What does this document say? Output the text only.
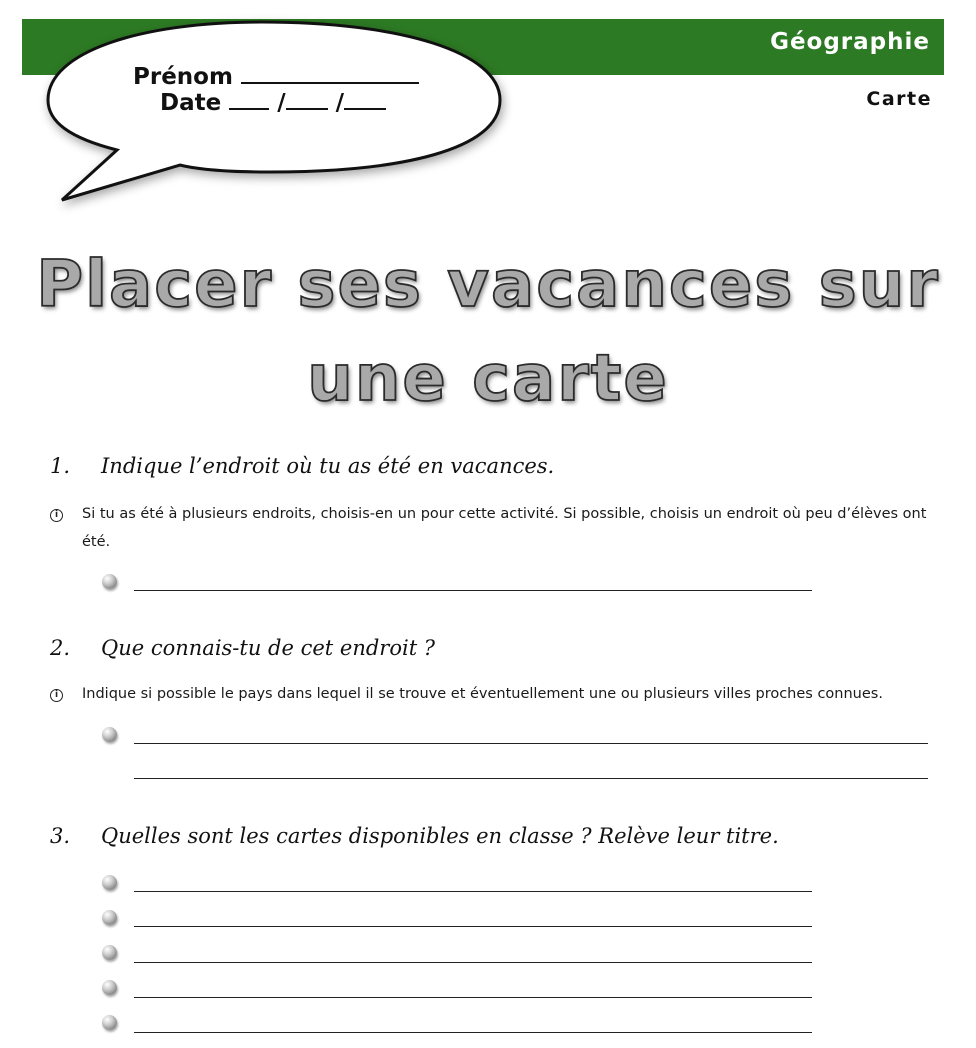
Géographie
Carte
Prénom
Date / /
Placer ses vacances sur
une carte
1. Indique l’endroit où tu as été en vacances.
i	Si tu as été à plusieurs endroits, choisis-en un pour cette activité. Si possible, choisis un endroit où peu d’élèves ont été.
2. Que connais-tu de cet endroit ?
i	Indique si possible le pays dans lequel il se trouve et éventuellement une ou plusieurs villes proches connues.
3. Quelles sont les cartes disponibles en classe ? Relève leur titre.
